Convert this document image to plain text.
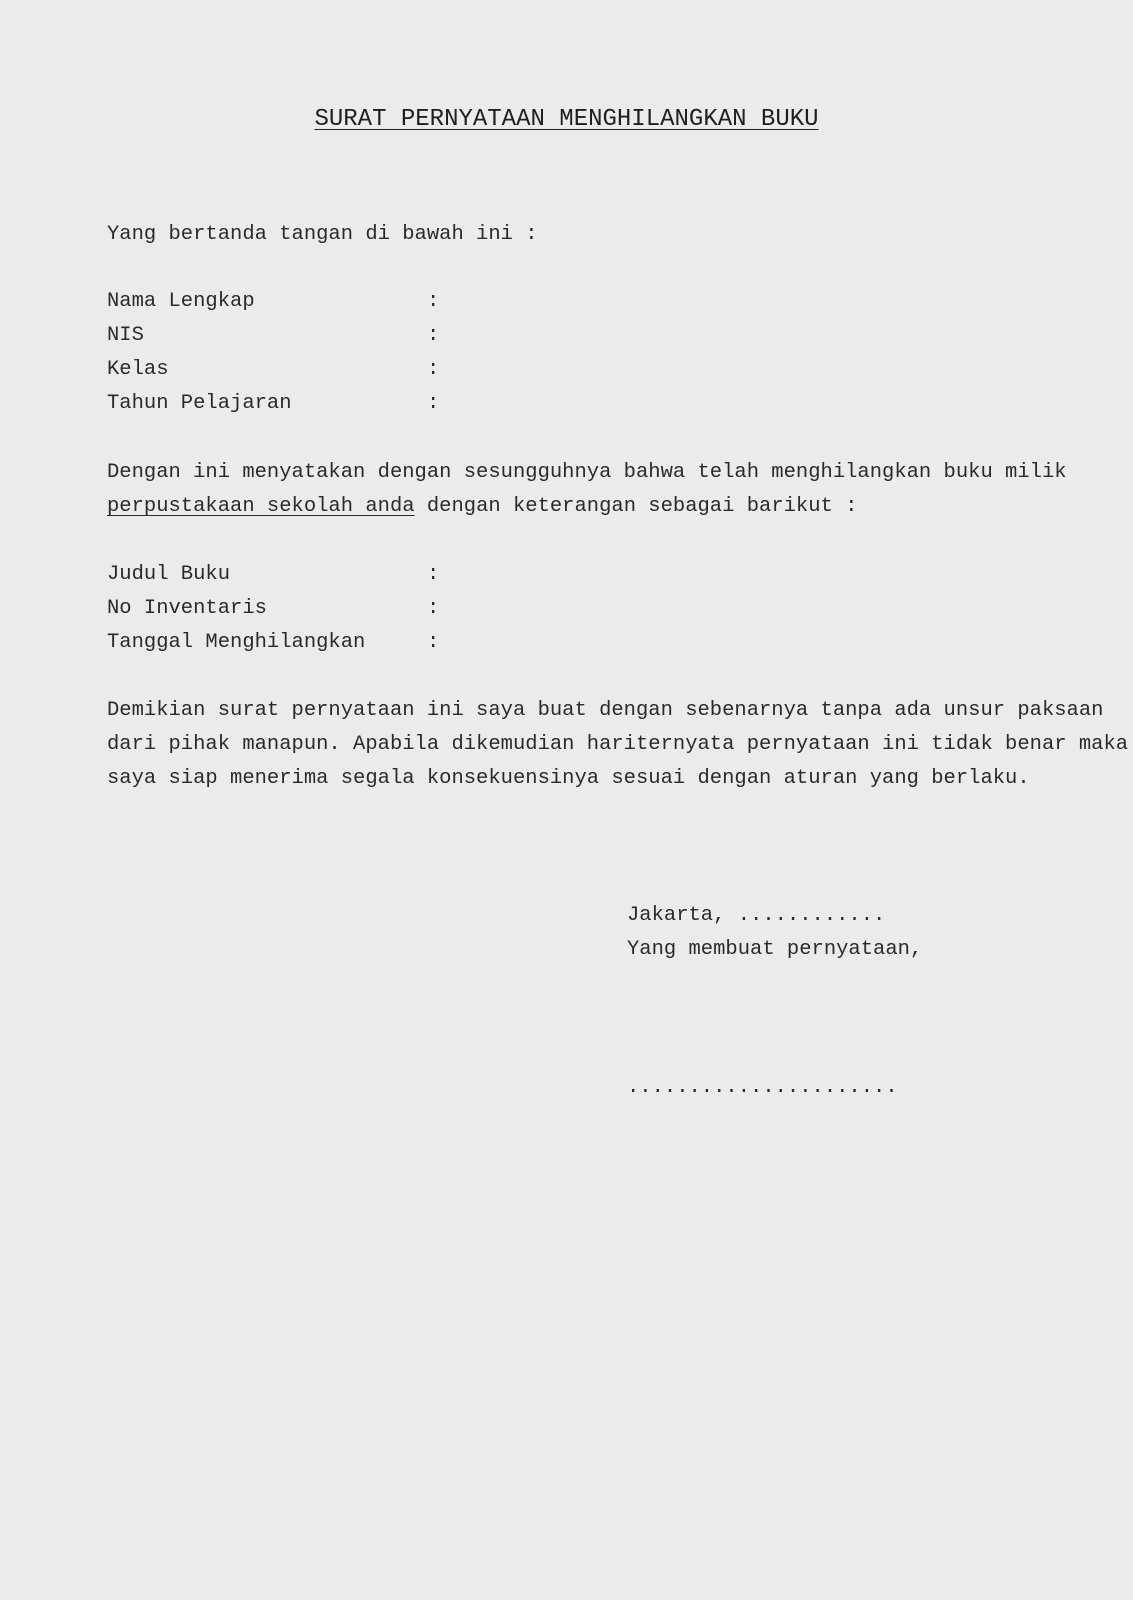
SURAT PERNYATAAN MENGHILANGKAN BUKU
Yang bertanda tangan di bawah ini :
Nama Lengkap	:
NIS	:
Kelas	:
Tahun Pelajaran	:
Dengan ini menyatakan dengan sesungguhnya bahwa telah menghilangkan buku milik
perpustakaan sekolah anda dengan keterangan sebagai barikut :
Judul Buku	:
No Inventaris	:
Tanggal Menghilangkan	:
Demikian surat pernyataan ini saya buat dengan sebenarnya tanpa ada unsur paksaan
dari pihak manapun. Apabila dikemudian hariternyata pernyataan ini tidak benar maka
saya siap menerima segala konsekuensinya sesuai dengan aturan yang berlaku.
Jakarta, ............
Yang membuat pernyataan,
......................
